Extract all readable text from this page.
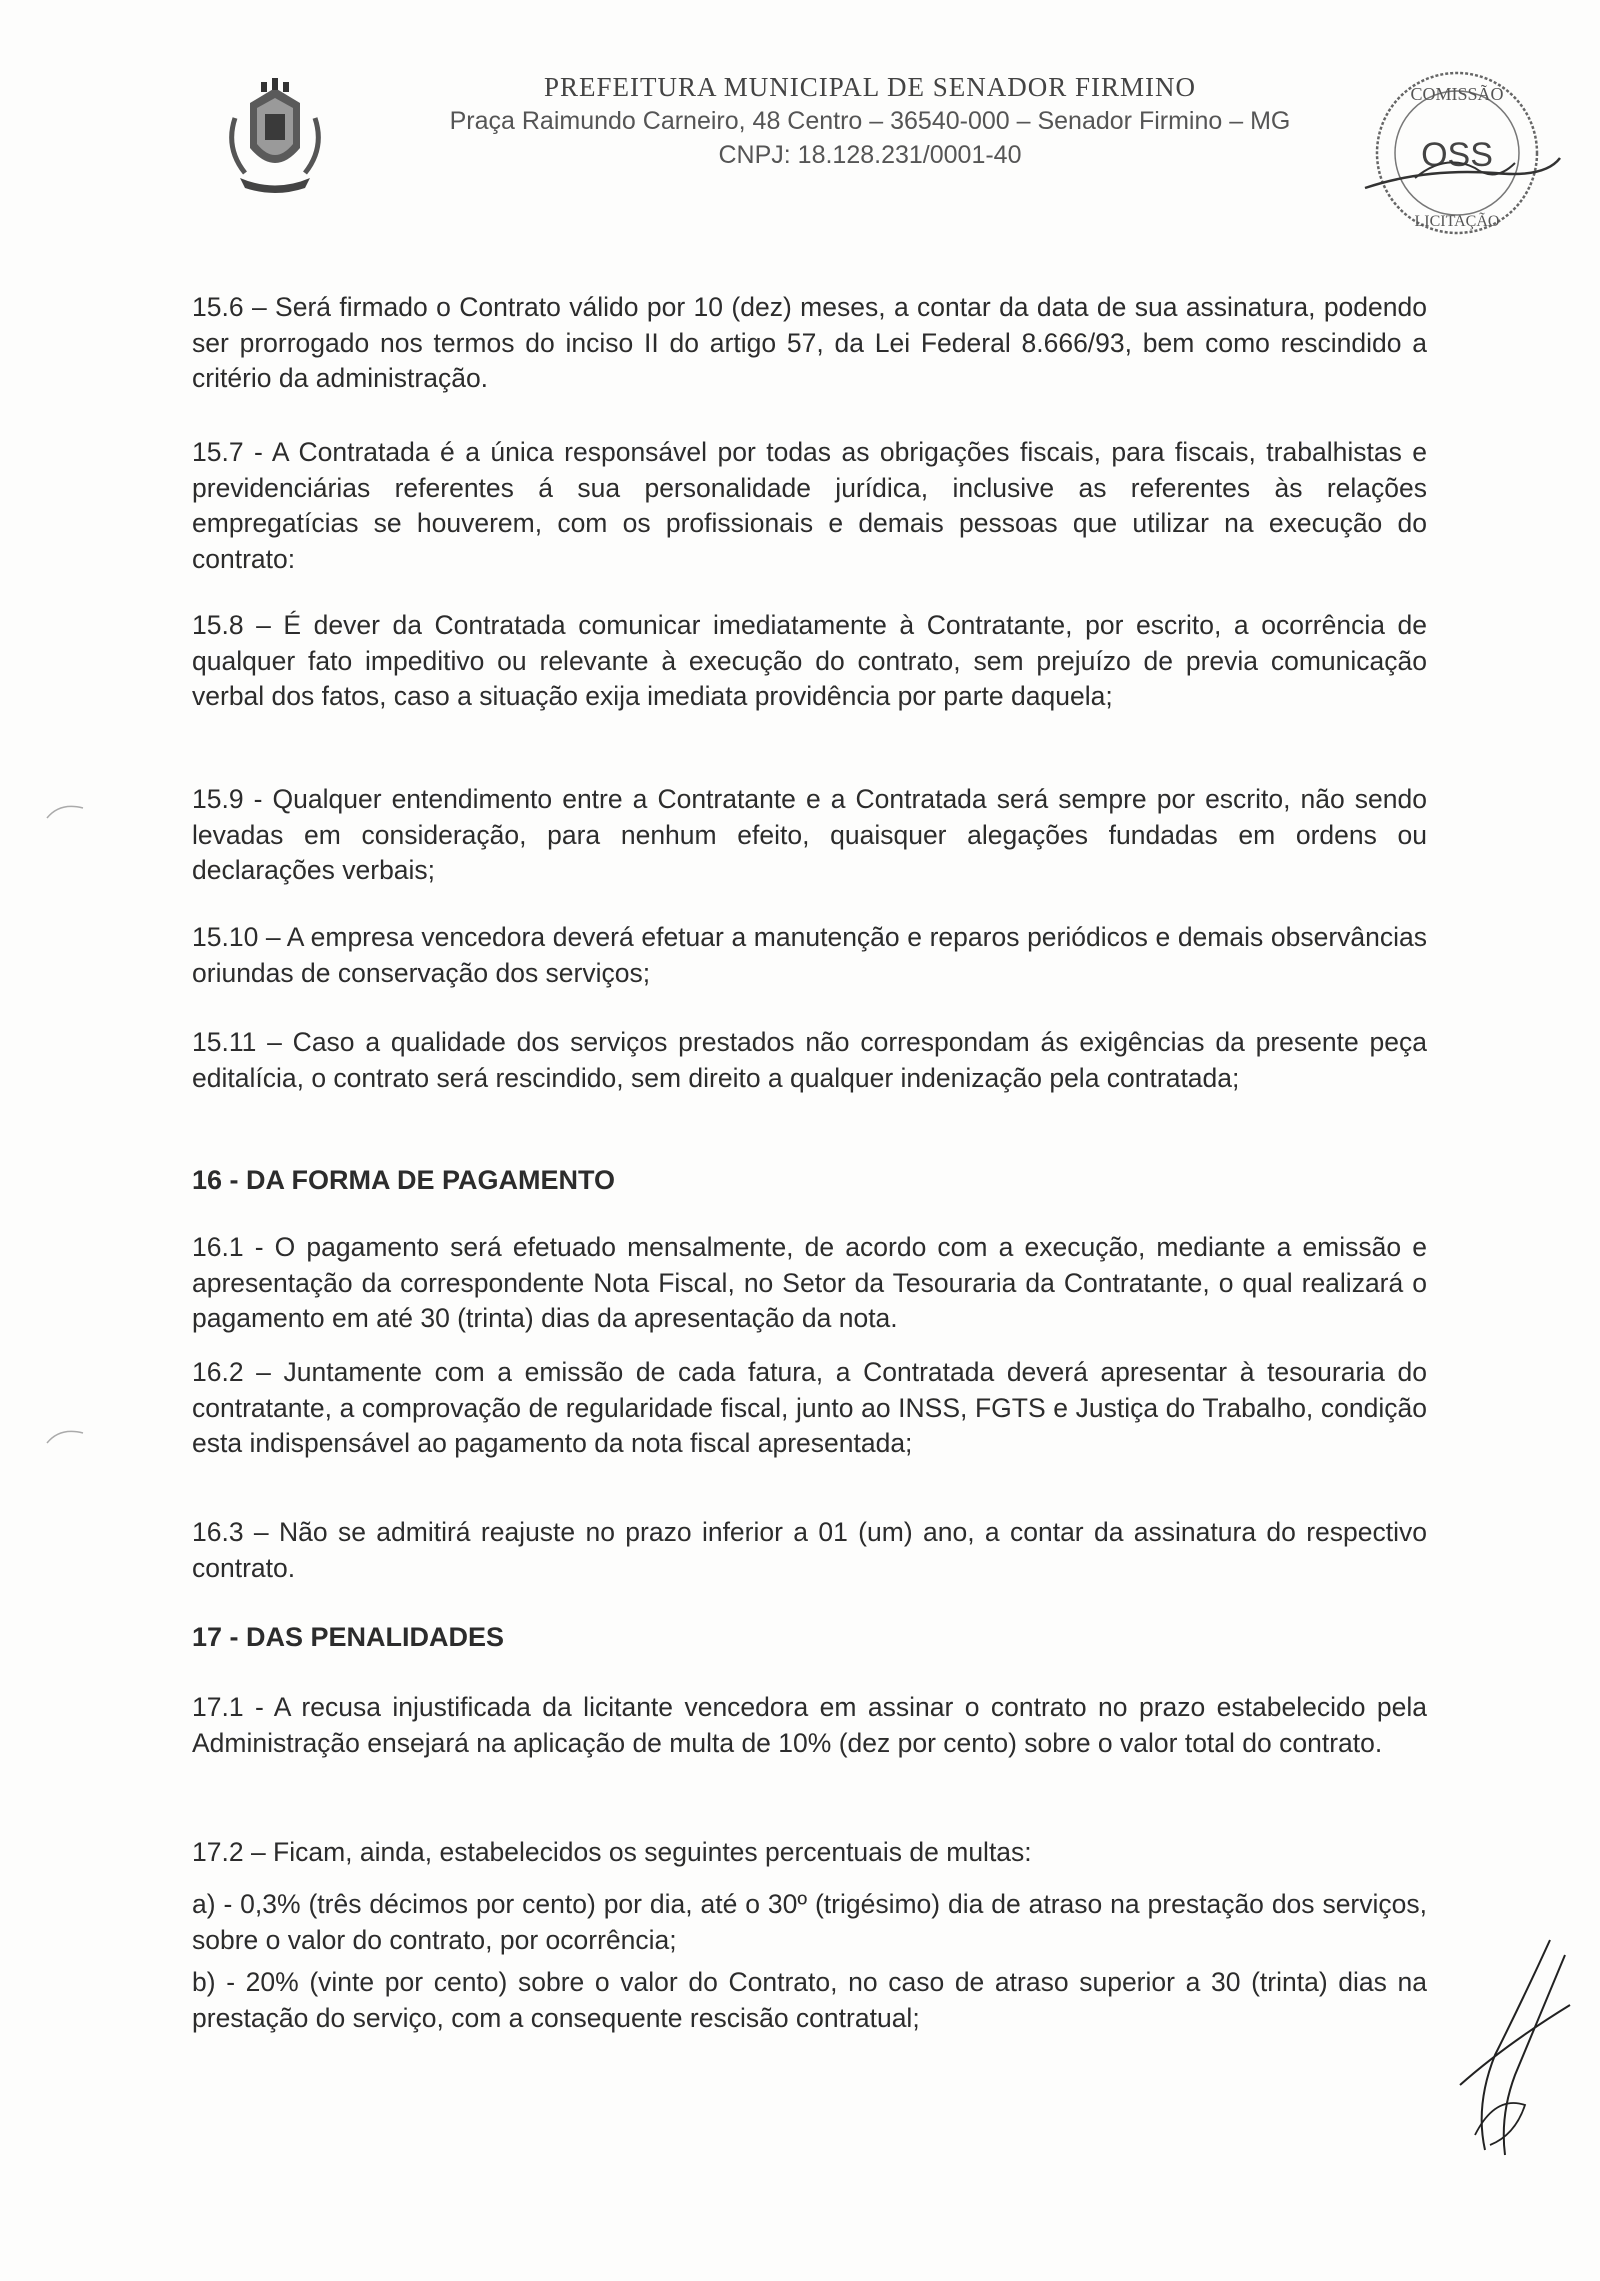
PREFEITURA MUNICIPAL DE SENADOR FIRMINO

Praça Raimundo Carneiro, 48 Centro – 36540-000 – Senador Firmino – MG

CNPJ: 18.128.231/0001-40

COMISSÃO
OSS
LICITAÇÃO

15.6 – Será firmado o Contrato válido por 10 (dez) meses, a contar da data de sua assinatura, podendo ser prorrogado nos termos do inciso II do artigo 57, da Lei Federal 8.666/93, bem como rescindido a critério da administração.

15.7 - A Contratada é a única responsável por todas as obrigações fiscais, para fiscais, trabalhistas e previdenciárias referentes á sua personalidade jurídica, inclusive as referentes às relações empregatícias se houverem, com os profissionais e demais pessoas que utilizar na execução do contrato:

15.8 – É dever da Contratada comunicar imediatamente à Contratante, por escrito, a ocorrência de qualquer fato impeditivo ou relevante à execução do contrato, sem prejuízo de previa comunicação verbal dos fatos, caso a situação exija imediata providência por parte daquela;

15.9 - Qualquer entendimento entre a Contratante e a Contratada será sempre por escrito, não sendo levadas em consideração, para nenhum efeito, quaisquer alegações fundadas em ordens ou declarações verbais;

15.10 – A empresa vencedora deverá efetuar a manutenção e reparos periódicos e demais observâncias oriundas de conservação dos serviços;

15.11 – Caso a qualidade dos serviços prestados não correspondam ás exigências da presente peça editalícia, o contrato será rescindido, sem direito a qualquer indenização pela contratada;

16 - DA FORMA DE PAGAMENTO

16.1 - O pagamento será efetuado mensalmente, de acordo com a execução, mediante a emissão e apresentação da correspondente Nota Fiscal, no Setor da Tesouraria da Contratante, o qual realizará o pagamento em até 30 (trinta) dias da apresentação da nota.

16.2 – Juntamente com a emissão de cada fatura, a Contratada deverá apresentar à tesouraria do contratante, a comprovação de regularidade fiscal, junto ao INSS, FGTS e Justiça do Trabalho, condição esta indispensável ao pagamento da nota fiscal apresentada;

16.3 – Não se admitirá reajuste no prazo inferior a 01 (um) ano, a contar da assinatura do respectivo contrato.

17 - DAS PENALIDADES

17.1 - A recusa injustificada da licitante vencedora em assinar o contrato no prazo estabelecido pela Administração ensejará na aplicação de multa de 10% (dez por cento) sobre o valor total do contrato.

17.2 – Ficam, ainda, estabelecidos os seguintes percentuais de multas:

a) - 0,3% (três décimos por cento) por dia, até o 30º (trigésimo) dia de atraso na prestação dos serviços, sobre o valor do contrato, por ocorrência;

b) - 20% (vinte por cento) sobre o valor do Contrato, no caso de atraso superior a 30 (trinta) dias na prestação do serviço, com a consequente rescisão contratual;
